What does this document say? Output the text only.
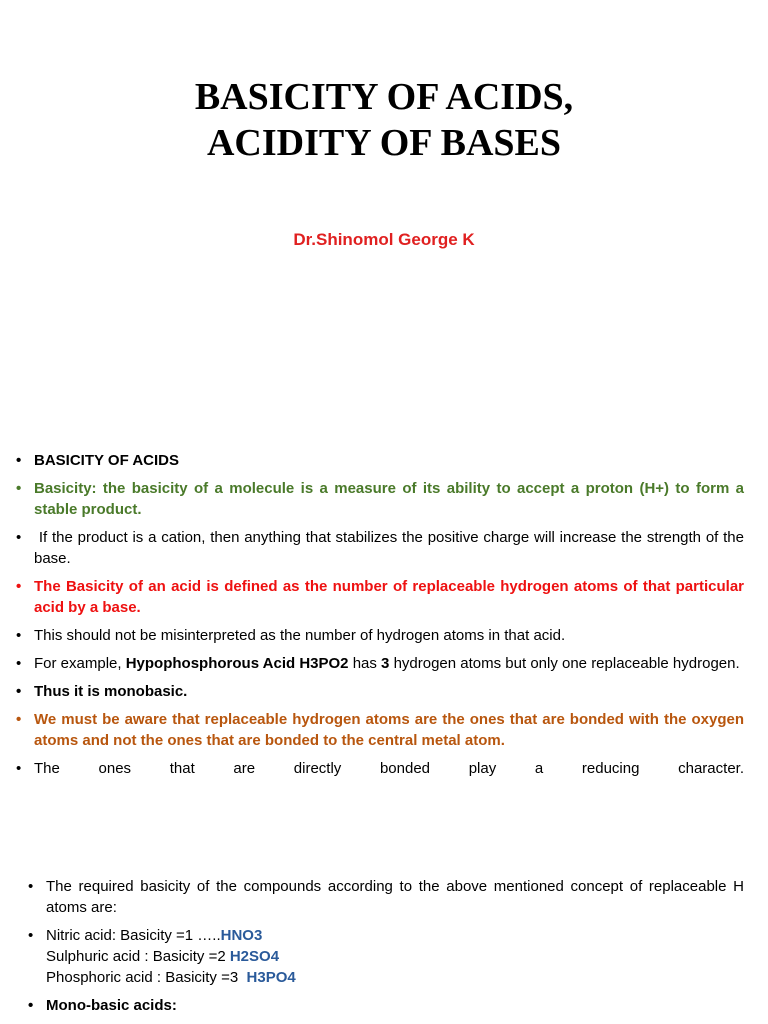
BASICITY OF ACIDS,
ACIDITY OF BASES
Dr.Shinomol George K
• BASICITY OF ACIDS
• Basicity: the basicity of a molecule is a measure of its ability to accept a proton (H+) to form a stable product.
• If the product is a cation, then anything that stabilizes the positive charge will increase the strength of the base.
• The Basicity of an acid is defined as the number of replaceable hydrogen atoms of that particular acid by a base.
• This should not be misinterpreted as the number of hydrogen atoms in that acid.
• For example, Hypophosphorous Acid H3PO2 has 3 hydrogen atoms but only one replaceable hydrogen.
• Thus it is monobasic.
• We must be aware that replaceable hydrogen atoms are the ones that are bonded with the oxygen atoms and not the ones that are bonded to the central metal atom.
• The ones that are directly bonded play a reducing character.
• The required basicity of the compounds according to the above mentioned concept of replaceable H atoms are:
• Nitric acid: Basicity =1 …..HNO3
Sulphuric acid : Basicity =2 H2SO4
Phosphoric acid : Basicity =3 H3PO4
• Mono-basic acids:
